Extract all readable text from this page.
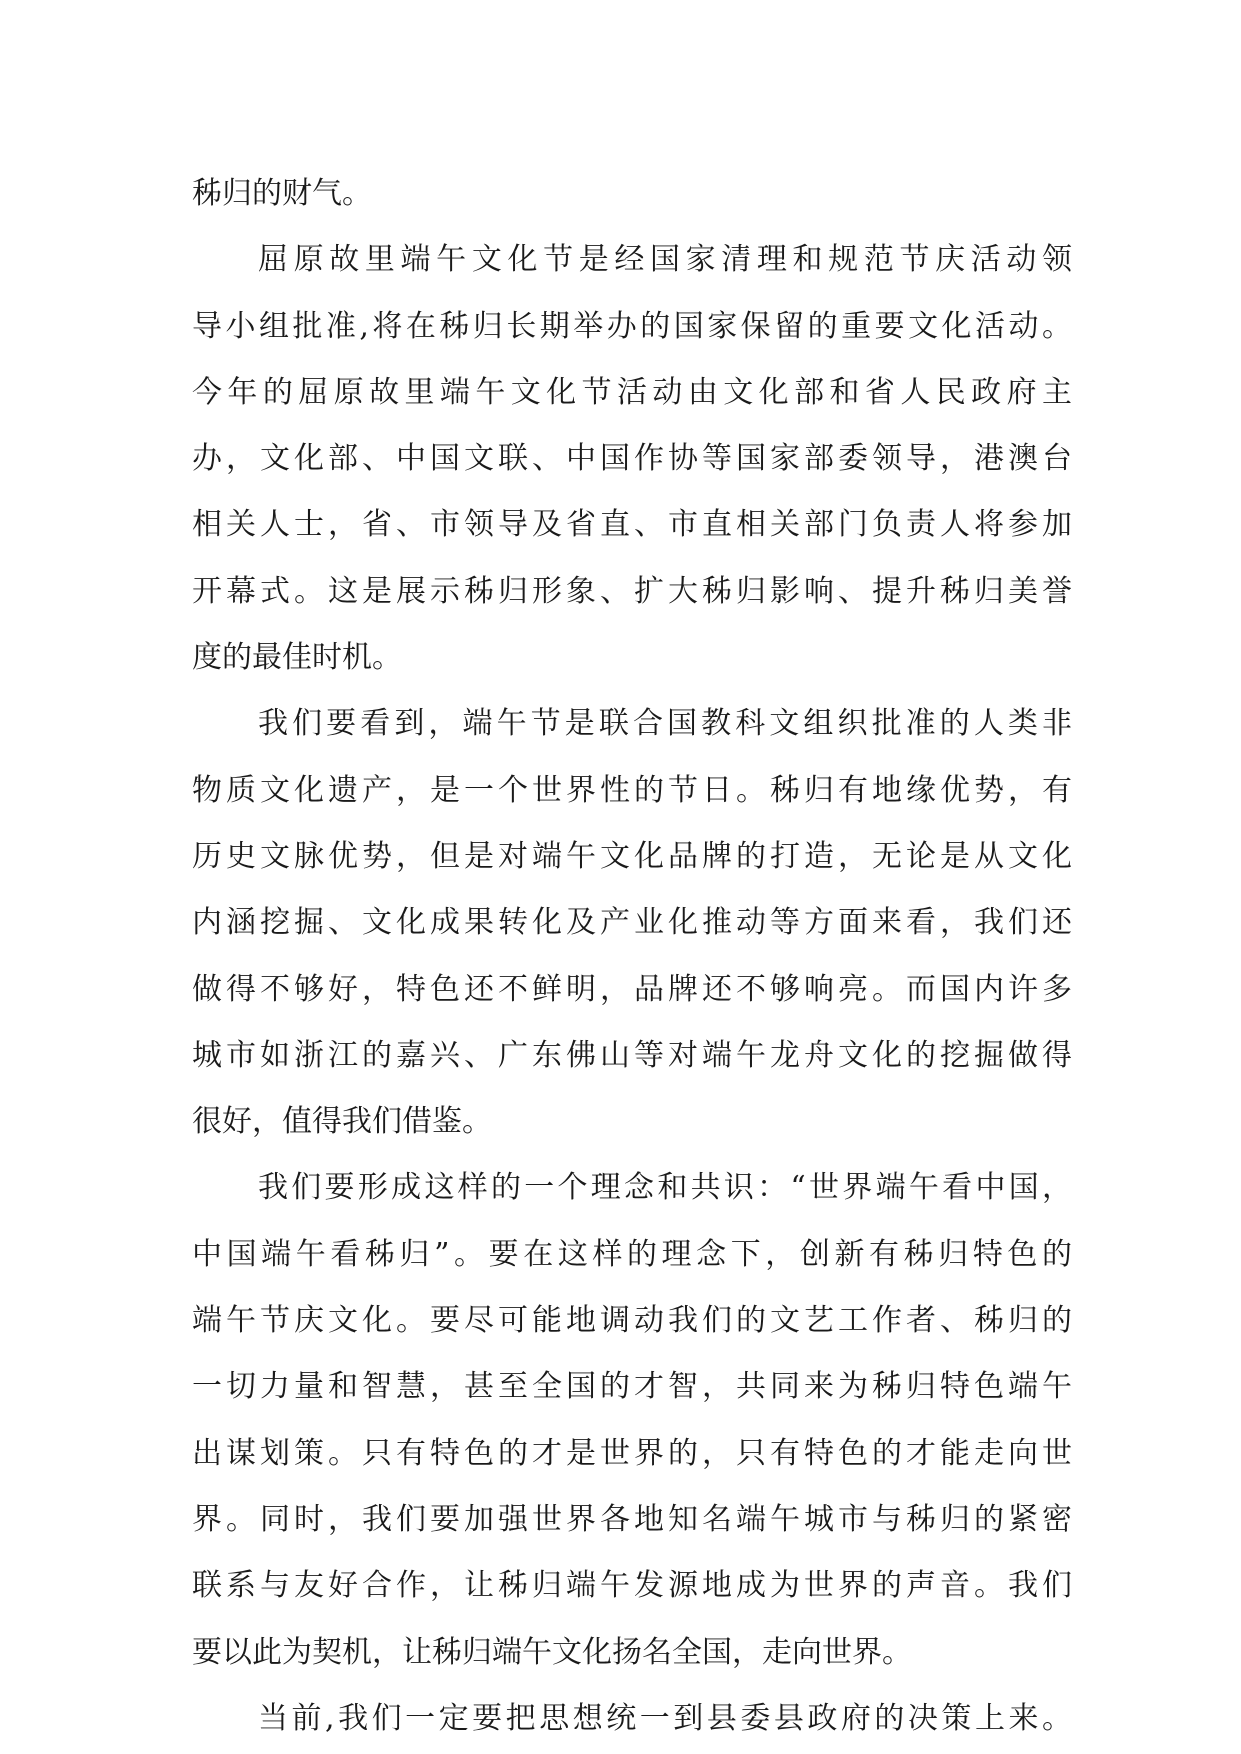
秭归的财气。
屈原故里端午文化节是经国家清理和规范节庆活动领
导小组批准,将在秭归长期举办的国家保留的重要文化活动。
今年的屈原故里端午文化节活动由文化部和省人民政府主
办，文化部、中国文联、中国作协等国家部委领导，港澳台
相关人士，省、市领导及省直、市直相关部门负责人将参加
开幕式。这是展示秭归形象、扩大秭归影响、提升秭归美誉
度的最佳时机。
我们要看到，端午节是联合国教科文组织批准的人类非
物质文化遗产，是一个世界性的节日。秭归有地缘优势，有
历史文脉优势，但是对端午文化品牌的打造，无论是从文化
内涵挖掘、文化成果转化及产业化推动等方面来看，我们还
做得不够好，特色还不鲜明，品牌还不够响亮。而国内许多
城市如浙江的嘉兴、广东佛山等对端午龙舟文化的挖掘做得
很好，值得我们借鉴。
我们要形成这样的一个理念和共识：“世界端午看中国，
中国端午看秭归”。要在这样的理念下，创新有秭归特色的
端午节庆文化。要尽可能地调动我们的文艺工作者、秭归的
一切力量和智慧，甚至全国的才智，共同来为秭归特色端午
出谋划策。只有特色的才是世界的，只有特色的才能走向世
界。同时，我们要加强世界各地知名端午城市与秭归的紧密
联系与友好合作，让秭归端午发源地成为世界的声音。我们
要以此为契机，让秭归端午文化扬名全国，走向世界。
当前,我们一定要把思想统一到县委县政府的决策上来。
